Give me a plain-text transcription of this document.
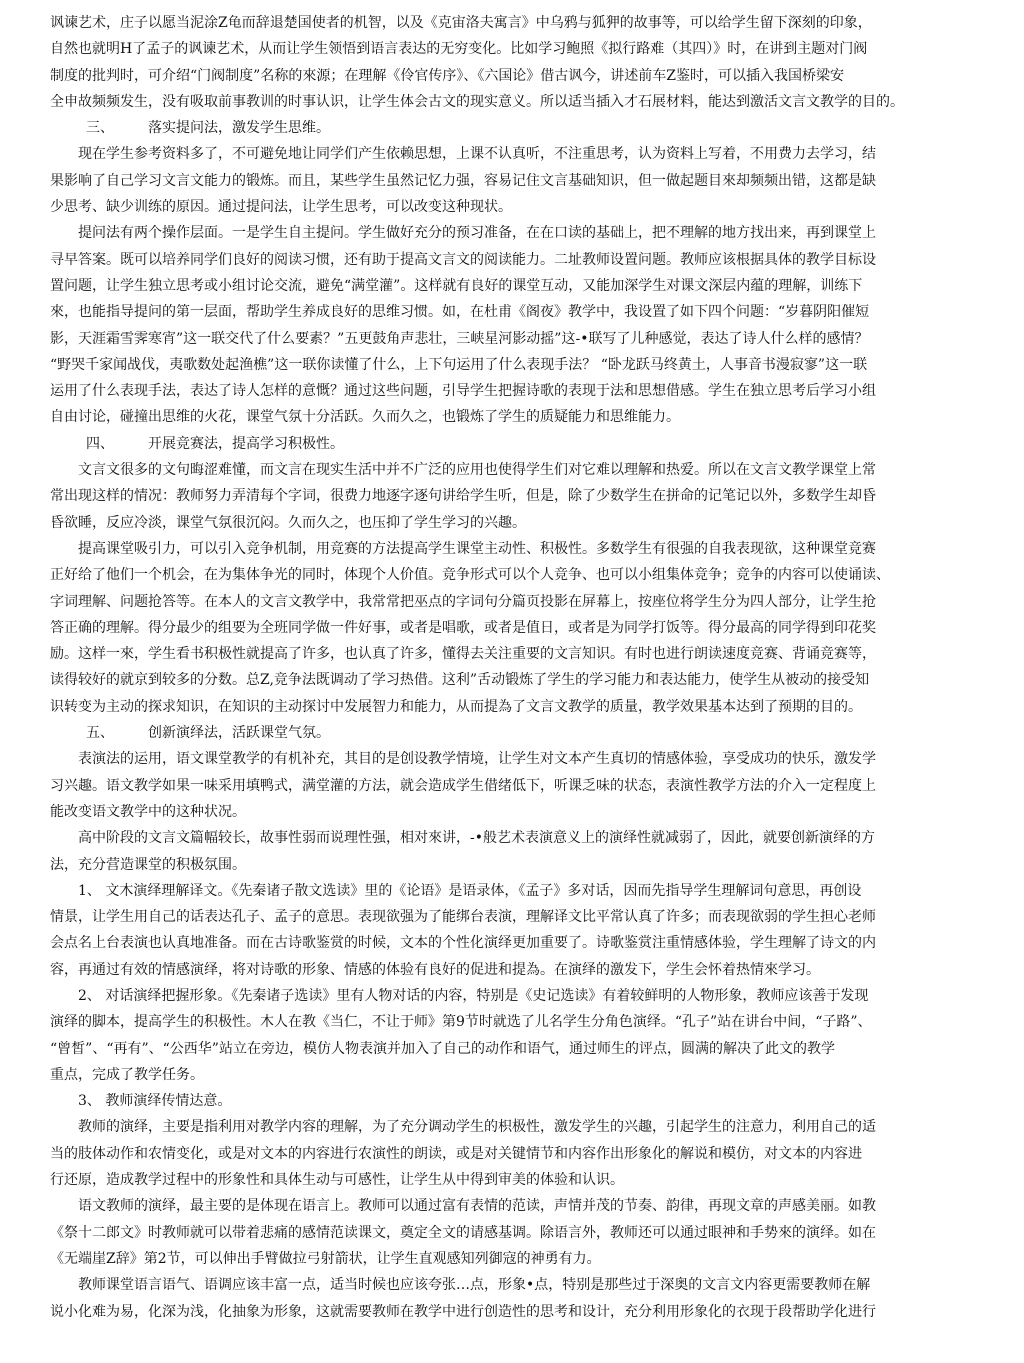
讽谏艺术，庄子以愿当泥涂Z龟而辞退楚国使者的机智，以及《克宙洛夫寓言》中乌鸦与狐狎的故事等，可以给学生留下深刻的印象，
自然也就明H了孟子的讽谏艺术，从而让学生领悟到语言表达的无穷变化。比如学习鲍照《拟行路难（其四）》时，在讲到主题对门阀
制度的批判时，可介绍“门阀制度”名称的來源；在理解《伶官传序》、《六国论》借古讽今，讲述前车Z鉴时，可以插入我国桥梁安
全申故频频发生，没有吸取前事教训的时事认识，让学生体会古文的现实意义。所以适当插入才石展材料，能达到激活文言文教学的目的。
三、 落实提问法，激发学生思维。
现在学生参考资料多了，不可避免地让同学们产生依赖思想，上课不认真听，不注重思考，认为资料上写着，不用费力去学习，结
果影响了自己学习文言文能力的锻炼。而且，某些学生虽然记忆力强，容易记住文言基础知识，但一做起题目來却频频出错，这都是缺
少思考、缺少训练的原因。通过提问法，让学生思考，可以改变这种现状。
提问法有两个操作层面。一是学生自主提问。学生做好充分的预习准备，在在口读的基础上，把不理解的地方找出来，再到课堂上
寻早答案。既可以培养同学们良好的阅读习惯，还有助于提高文言文的阅读能力。二址教师设置问题。教师应该根据具体的教学目标设
置问题，让学生独立思考或小组讨论交流，避免“满堂灌”。这样就有良好的课堂互动，又能加深学生对课文深层内蕴的理解，训练下
來，也能指导提问的第一层面，帮助学生养成良好的思维习惯。如，在杜甫《阁夜》教学中，我设置了如下四个问题：“岁暮阴阳催短
影，天涯霜雪霁寒宵”这一联交代了什么要素？”五更鼓角声悲壮，三峡星河影动摇”这-•联写了儿种感觉，表达了诗人什么样的感情？
“野哭千家闻战伐，夷歌数处起渔樵”这一联你读懂了什么，上下句运用了什么表现手法？ “卧龙跃马终黄土，人事音书漫寂寥”这一联
运用了什么表现手法，表达了诗人怎样的意慨？通过这些问题，引导学生把握诗歌的表现于法和思想借感。学生在独立思考后学习小组
自由讨论，碰撞出思维的火花，课堂气氛十分活跃。久而久之，也锻炼了学生的质疑能力和思维能力。
四、 开展竞赛法，提高学习积极性。
文言文很多的文句晦涩难懂，而文言在现实生活中并不广泛的应用也使得学生们对它难以理解和热爱。所以在文言文教学课堂上常
常出现这样的情况：教师努力弄清每个字词，很费力地逐字逐句讲给学生听，但是，除了少数学生在拼命的记笔记以外，多数学生却昏
昏欲睡，反应冷淡，课堂气氛很沉闷。久而久之，也压抑了学生学习的兴趣。
提高课堂吸引力，可以引入竞争机制，用竞赛的方法提高学生课堂主动性、积极性。多数学生有很强的自我表现欲，这种课堂竞赛
正好给了他们一个机会，在为集体争光的同时，体现个人价值。竞争形式可以个人竞争、也可以小组集体竞争；竞争的内容可以使诵读、
字词理解、问题抢答等。在本人的文言文教学中，我常常把巫点的字词句分篇页投影在屏幕上，按座位将学生分为四人部分，让学生抢
答正确的理解。得分最少的组要为全班同学做一件好事，或者是唱歌，或者是值日，或者是为同学打饭等。得分最高的同学得到印花奖
励。这样一來，学生看书积极性就提高了许多，也认真了许多，懂得去关注重要的文言知识。有时也进行朗读速度竞赛、背诵竞赛等，
读得较好的就京到较多的分数。总Z,竞争法既调动了学习热借。这利”舌动锻炼了学生的学习能力和表达能力，使学生从被动的接受知
识转变为主动的探求知识，在知识的主动探讨中发展智力和能力，从而提為了文言文教学的质量，教学效果基本达到了预期的目的。
五、 创新演绎法，活跃课堂气氛。
表演法的运用，语文课堂教学的有机补充，其目的是创设教学情境，让学生对文本产生真切的情感体验，享受成功的快乐，激发学
习兴趣。语文教学如果一味采用填鸭式，满堂灌的方法，就会造成学生借绪低下，听课乏味的状态，表演性教学方法的介入一定程度上
能改变语文教学中的这种状况。
高中阶段的文言文篇幅较长，故事性弱而说理性强，相对來讲，-•般艺术表演意义上的演绎性就减弱了，因此，就要创新演绎的方
法，充分营造课堂的积极氛围。
1、 文木演绎理解译文。《先秦诸子散文选读》里的《论语》是语录体，《孟子》多对话，因而先指导学生理解词句意思，再创设
情景，让学生用自己的话表达孔子、孟子的意思。表现欲强为了能绑台表演，理解译文比平常认真了许多；而表现欲弱的学生担心老师
会点名上台表演也认真地准备。而在古诗歌鉴赏的时候，文本的个性化演绎更加重要了。诗歌鉴赏注重情感体验，学生理解了诗文的内
容，再通过有效的情感演绎，将对诗歌的形象、情感的体验有良好的促进和提為。在演绎的激发下，学生会怀着热情來学习。
2、 对话演绎把握形象。《先秦诸子选读》里有人物对话的内容，特别是《史记选读》有着较鲜明的人物形象，教师应该善于发现
演绎的脚本，提高学生的积极性。木人在教《当仁，不让于师》第9节时就选了儿名学生分角色演绎。“孔子”站在讲台中间，“子路”、
“曾皙”、“再有”、“公西华”站立在旁边，模仿人物表演并加入了自己的动作和语气，通过师生的评点，圆满的解决了此文的教学
重点，完成了教学任务。
3、 教师演绎传情达意。
教师的演绎，主要是指利用对教学内容的理解，为了充分调动学生的枳极性，激发学生的兴趣，引起学生的注意力，利用自己的适
当的肢体动作和农情变化，或是对文本的内容进行农演性的朗读，或是对关键情节和内容作出形象化的解说和模仿，对文本的内容进
行还原，造成教学过程中的形象性和具体生动与可感性，让学生从中得到审美的体验和认识。
语文教师的演绎，最主要的是体现在语言上。教师可以通过富有表情的范读，声情并茂的节奏、韵律，再现文章的声感美丽。如教
《祭十二郎文》时教师就可以带着悲痛的感情范读课文，奠定全文的请感基调。除语言外，教师还可以通过眼神和手势來的演绎。如在
《无端崖Z辞》第2节，可以伸出手臂做拉弓射箭状，让学生直观感知列御寇的神勇有力。
教师课堂语言语气、语调应该丰富一点，适当时候也应该夸张…点，形象•点，特别是那些过于深奥的文言文内容更需要教师在解
说小化难为易，化深为浅，化抽象为形象，这就需要教师在教学中进行创造性的思考和设计，充分利用形象化的衣现于段帮助学化进行
